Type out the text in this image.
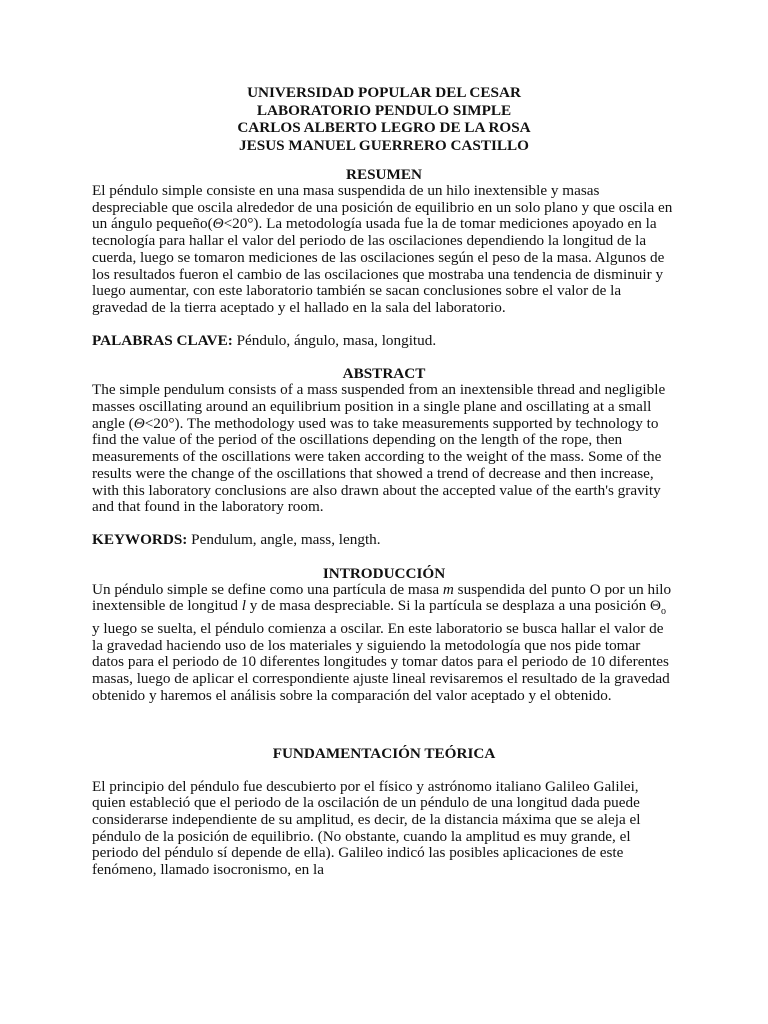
UNIVERSIDAD POPULAR DEL CESAR
LABORATORIO PENDULO SIMPLE
CARLOS ALBERTO LEGRO DE LA ROSA
JESUS MANUEL GUERRERO CASTILLO
RESUMEN

El péndulo simple consiste en una masa suspendida de un hilo inextensible y masas despreciable que oscila alrededor de una posición de equilibrio en un solo plano y que oscila en un ángulo pequeño(Θ<20°). La metodología usada fue la de tomar mediciones apoyado en la tecnología para hallar el valor del periodo de las oscilaciones dependiendo la longitud de la cuerda, luego se tomaron mediciones de las oscilaciones según el peso de la masa. Algunos de los resultados fueron el cambio de las oscilaciones que mostraba una tendencia de disminuir y luego aumentar, con este laboratorio también se sacan conclusiones sobre el valor de la gravedad de la tierra aceptado y el hallado en la sala del laboratorio.

PALABRAS CLAVE: Péndulo, ángulo, masa, longitud.

ABSTRACT

The simple pendulum consists of a mass suspended from an inextensible thread and negligible masses oscillating around an equilibrium position in a single plane and oscillating at a small angle (Θ<20°). The methodology used was to take measurements supported by technology to find the value of the period of the oscillations depending on the length of the rope, then measurements of the oscillations were taken according to the weight of the mass. Some of the results were the change of the oscillations that showed a trend of decrease and then increase, with this laboratory conclusions are also drawn about the accepted value of the earth's gravity and that found in the laboratory room.

KEYWORDS: Pendulum, angle, mass, length.

INTRODUCCIÓN

Un péndulo simple se define como una partícula de masa m suspendida del punto O por un hilo inextensible de longitud l y de masa despreciable. Si la partícula se desplaza a una posición $\Theta_o$ y luego se suelta, el péndulo comienza a oscilar. En este laboratorio se busca hallar el valor de la gravedad haciendo uso de los materiales y siguiendo la metodología que nos pide tomar datos para el periodo de 10 diferentes longitudes y tomar datos para el periodo de 10 diferentes masas, luego de aplicar el correspondiente ajuste lineal revisaremos el resultado de la gravedad obtenido y haremos el análisis sobre la comparación del valor aceptado y el obtenido.

FUNDAMENTACIÓN TEÓRICA

El principio del péndulo fue descubierto por el físico y astrónomo italiano Galileo Galilei, quien estableció que el periodo de la oscilación de un péndulo de una longitud dada puede considerarse independiente de su amplitud, es decir, de la distancia máxima que se aleja el péndulo de la posición de equilibrio. (No obstante, cuando la amplitud es muy grande, el periodo del péndulo sí depende de ella). Galileo indicó las posibles aplicaciones de este fenómeno, llamado isocronismo, en la
